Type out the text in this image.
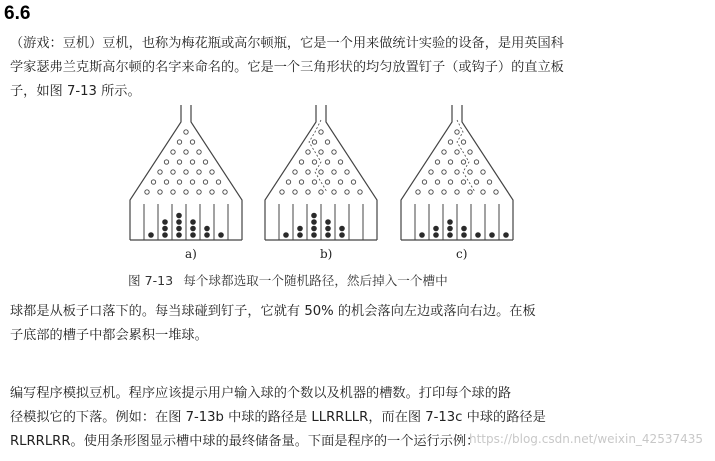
6.6
（游戏：豆机）豆机，也称为梅花瓶或高尔顿瓶，它是一个用来做统计实验的设备，是用英国科
学家瑟弗兰克斯高尔顿的名字来命名的。它是一个三角形状的均匀放置钉子（或钩子）的直立板
子，如图 7-13 所示。
a)	b)	c)
图 7-13 每个球都选取一个随机路径，然后掉入一个槽中
球都是从板子口落下的。每当球碰到钉子，它就有 50% 的机会落向左边或落向右边。在板
子底部的槽子中都会累积一堆球。
编写程序模拟豆机。程序应该提示用户输入球的个数以及机器的槽数。打印每个球的路
径模拟它的下落。例如：在图 7-13b 中球的路径是 LLRRLLR，而在图 7-13c 中球的路径是
RLRRLRR。使用条形图显示槽中球的最终储备量。下面是程序的一个运行示例：
https://blog.csdn.net/weixin_42537435
